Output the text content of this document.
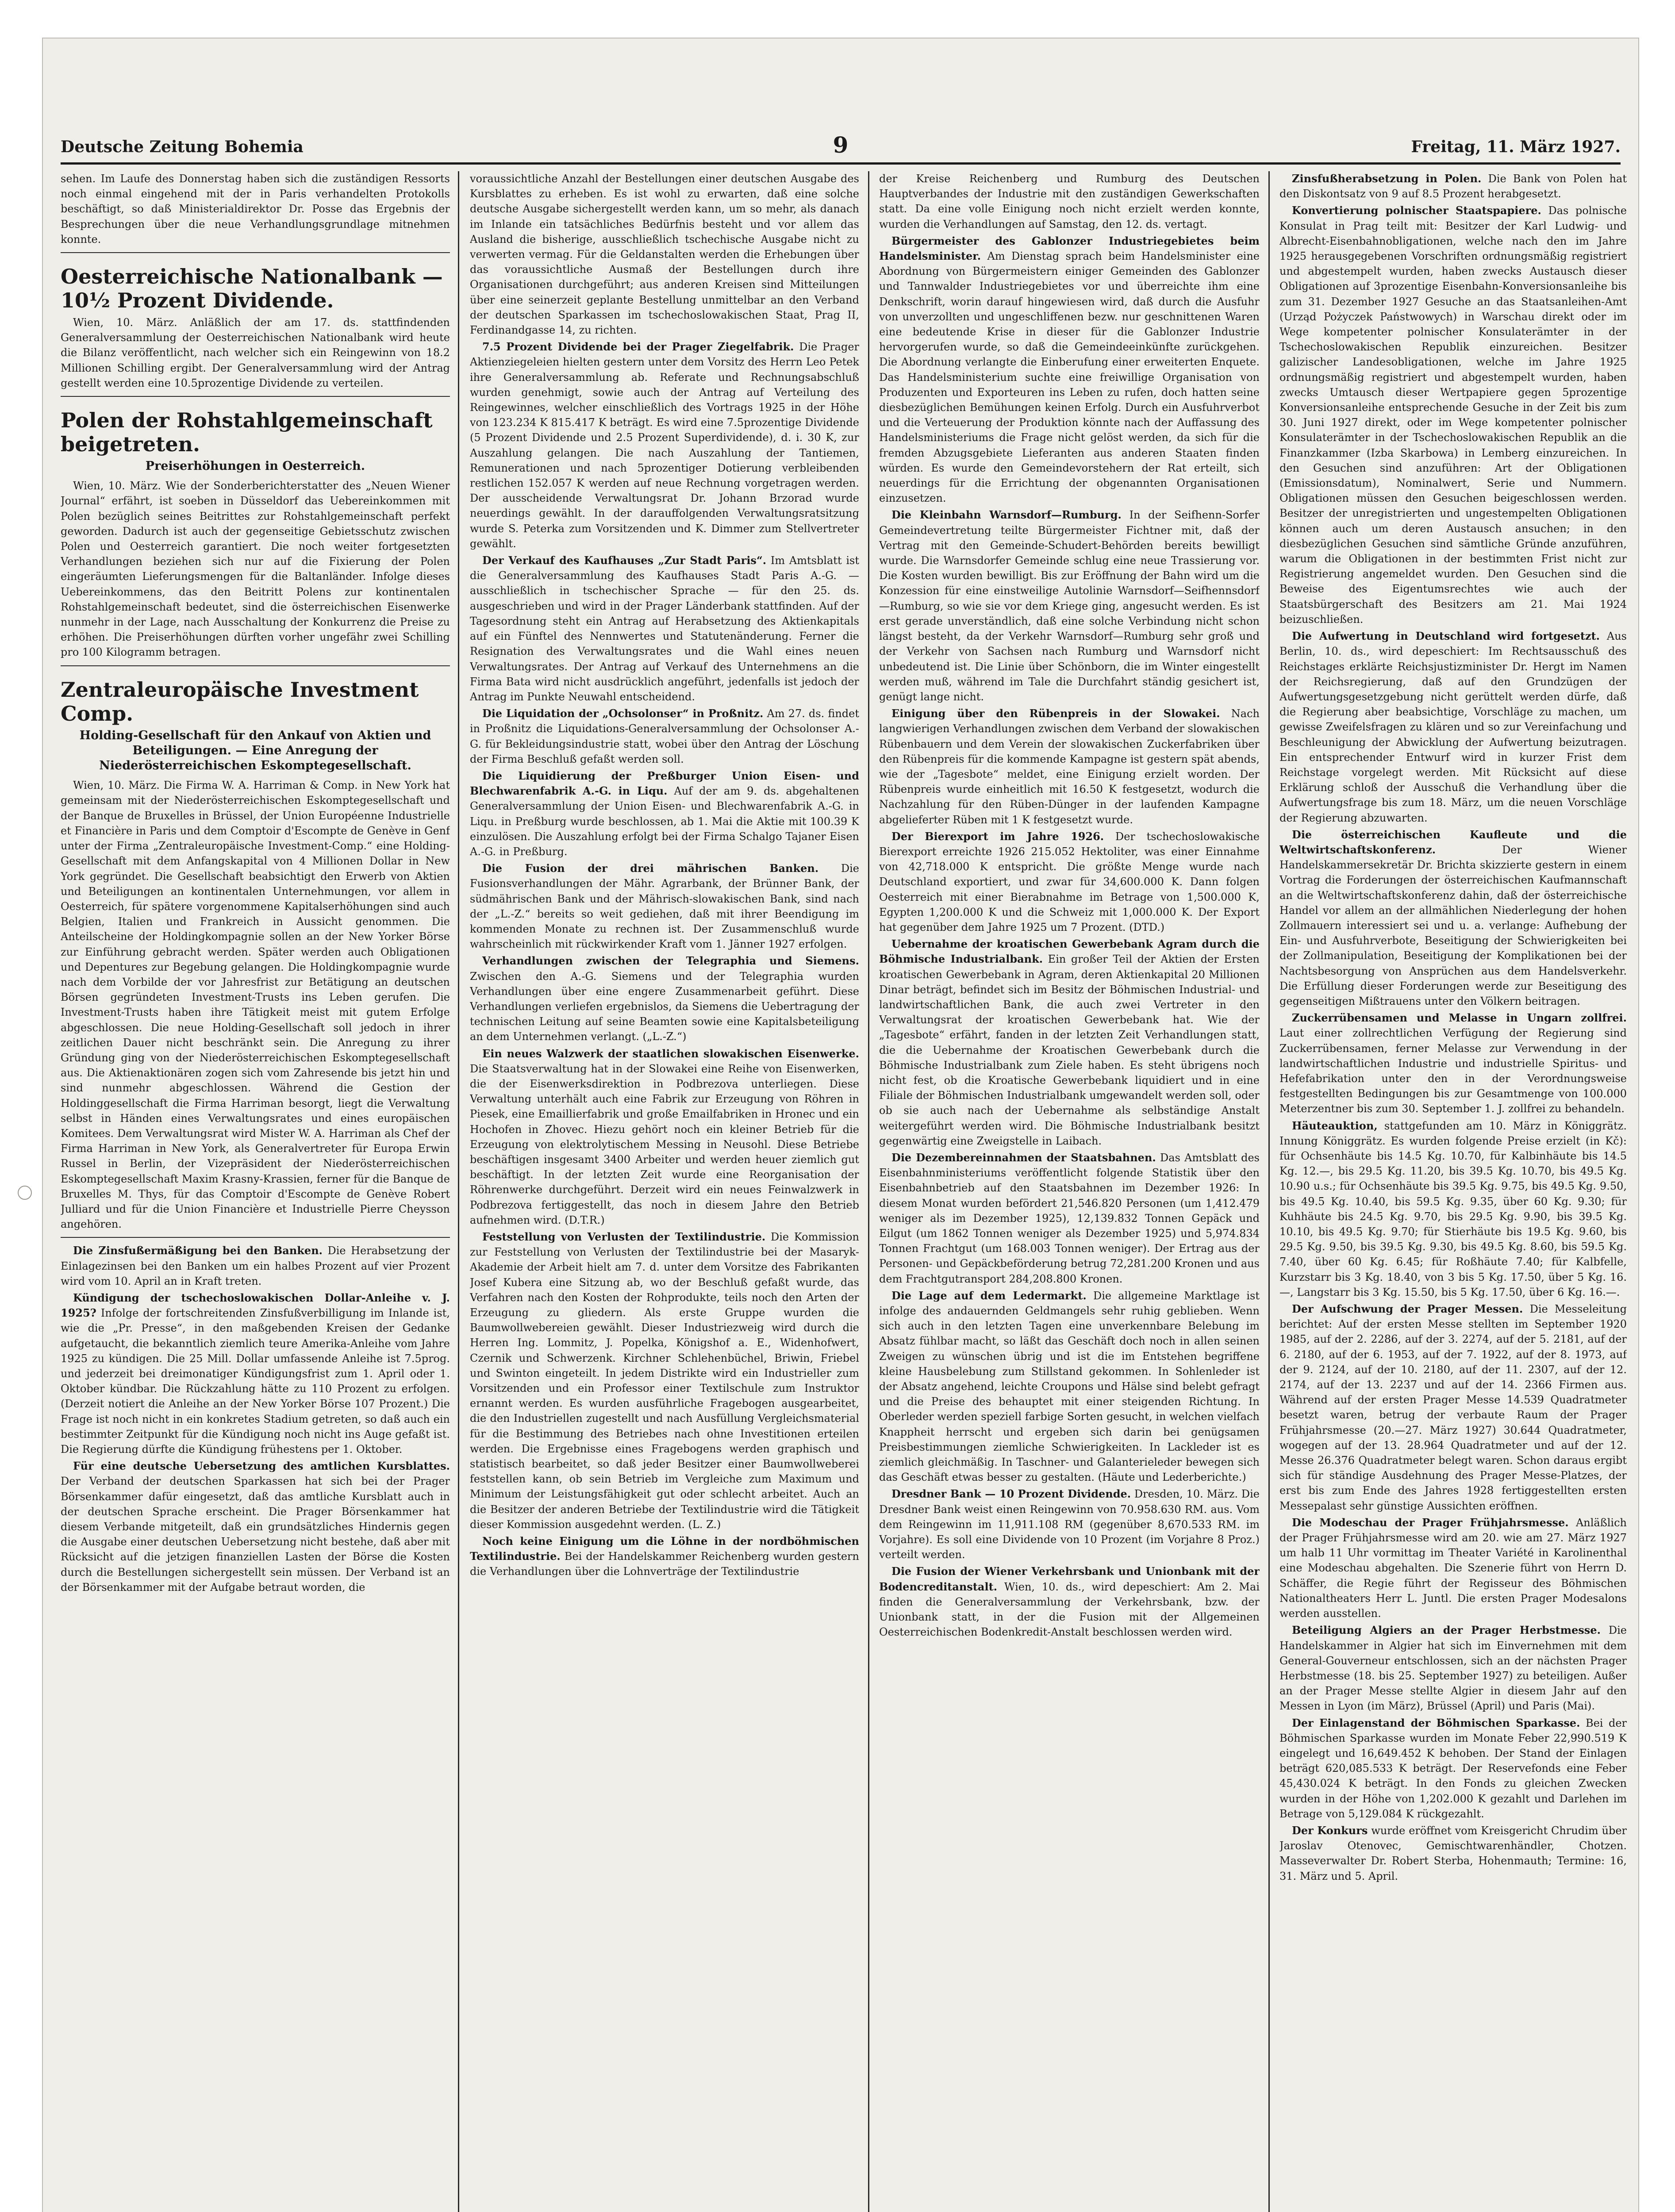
Deutsche Zeitung Bohemia	9	Freitag, 11. März 1927.

sehen. Im Laufe des Donnerstag haben sich die zuständigen Ressorts noch einmal eingehend mit der in Paris verhandelten Protokolls beschäftigt, so daß Ministerialdirektor Dr. Posse das Ergebnis der Besprechungen über die neue Verhandlungsgrundlage mitnehmen konnte.

Oesterreichische Nationalbank — 10½ Prozent Dividende.

Wien, 10. März. Anläßlich der am 17. ds. stattfindenden Generalversammlung der Oesterreichischen Nationalbank wird heute die Bilanz veröffentlicht, nach welcher sich ein Reingewinn von 18.2 Millionen Schilling ergibt. Der Generalversammlung wird der Antrag gestellt werden eine 10.5prozentige Dividende zu verteilen.

Polen der Rohstahlgemeinschaft beigetreten.
Preiserhöhungen in Oesterreich.

Wien, 10. März. Wie der Sonderberichterstatter des „Neuen Wiener Journal“ erfährt, ist soeben in Düsseldorf das Uebereinkommen mit Polen bezüglich seines Beitrittes zur Rohstahlgemeinschaft perfekt geworden. Dadurch ist auch der gegenseitige Gebietsschutz zwischen Polen und Oesterreich garantiert. Die noch weiter fortgesetzten Verhandlungen beziehen sich nur auf die Fixierung der Polen eingeräumten Lieferungsmengen für die Baltanländer. Infolge dieses Uebereinkommens, das den Beitritt Polens zur kontinentalen Rohstahlgemeinschaft bedeutet, sind die österreichischen Eisenwerke nunmehr in der Lage, nach Ausschaltung der Konkurrenz die Preise zu erhöhen. Die Preiserhöhungen dürften vorher ungefähr zwei Schilling pro 100 Kilogramm betragen.

Zentraleuropäische Investment Comp.
Holding-Gesellschaft für den Ankauf von Aktien und Beteiligungen. — Eine Anregung der Niederösterreichischen Eskomptegesellschaft.

Wien, 10. März. Die Firma W. A. Harriman & Comp. in New York hat gemeinsam mit der Niederösterreichischen Eskomptegesellschaft und der Banque de Bruxelles in Brüssel, der Union Européenne Industrielle et Financière in Paris und dem Comptoir d'Escompte de Genève in Genf unter der Firma „Zentraleuropäische Investment-Comp.“ eine Holding-Gesellschaft mit dem Anfangskapital von 4 Millionen Dollar in New York gegründet. Die Gesellschaft beabsichtigt den Erwerb von Aktien und Beteiligungen an kontinentalen Unternehmungen, vor allem in Oesterreich, für spätere vorgenommene Kapitalserhöhungen sind auch Belgien, Italien und Frankreich in Aussicht genommen. Die Anteilscheine der Holdingkompagnie sollen an der New Yorker Börse zur Einführung gebracht werden. Später werden auch Obligationen und Depentures zur Begebung gelangen. Die Holdingkompagnie wurde nach dem Vorbilde der vor Jahresfrist zur Betätigung an deutschen Börsen gegründeten Investment-Trusts ins Leben gerufen. Die Investment-Trusts haben ihre Tätigkeit meist mit gutem Erfolge abgeschlossen. Die neue Holding-Gesellschaft soll jedoch in ihrer zeitlichen Dauer nicht beschränkt sein. Die Anregung zu ihrer Gründung ging von der Niederösterreichischen Eskomptegesellschaft aus. Die Aktienaktionären zogen sich vom Zahresende bis jetzt hin und sind nunmehr abgeschlossen. Während die Gestion der Holdinggesellschaft die Firma Harriman besorgt, liegt die Verwaltung selbst in Händen eines Verwaltungsrates und eines europäischen Komitees. Dem Verwaltungsrat wird Mister W. A. Harriman als Chef der Firma Harriman in New York, als Generalvertreter für Europa Erwin Russel in Berlin, der Vizepräsident der Niederösterreichischen Eskomptegesellschaft Maxim Krasny-Krassien, ferner für die Banque de Bruxelles M. Thys, für das Comptoir d'Escompte de Genève Robert Julliard und für die Union Financière et Industrielle Pierre Cheysson angehören.

Die Zinsfußermäßigung bei den Banken. Die Herabsetzung der Einlagezinsen bei den Banken um ein halbes Prozent auf vier Prozent wird vom 10. April an in Kraft treten.

Kündigung der tschechoslowakischen Dollar-Anleihe v. J. 1925? Infolge der fortschreitenden Zinsfußverbilligung im Inlande ist, wie die „Pr. Presse“, in den maßgebenden Kreisen der Gedanke aufgetaucht, die bekanntlich ziemlich teure Amerika-Anleihe vom Jahre 1925 zu kündigen. Die 25 Mill. Dollar umfassende Anleihe ist 7.5prog. und jederzeit bei dreimonatiger Kündigungsfrist zum 1. April oder 1. Oktober kündbar. Die Rückzahlung hätte zu 110 Prozent zu erfolgen. (Derzeit notiert die Anleihe an der New Yorker Börse 107 Prozent.) Die Frage ist noch nicht in ein konkretes Stadium getreten, so daß auch ein bestimmter Zeitpunkt für die Kündigung noch nicht ins Auge gefaßt ist. Die Regierung dürfte die Kündigung frühestens per 1. Oktober.

Für eine deutsche Uebersetzung des amtlichen Kursblattes. Der Verband der deutschen Sparkassen hat sich bei der Prager Börsenkammer dafür eingesetzt, daß das amtliche Kursblatt auch in der deutschen Sprache erscheint. Die Prager Börsenkammer hat diesem Verbande mitgeteilt, daß ein grundsätzliches Hindernis gegen die Ausgabe einer deutschen Uebersetzung nicht bestehe, daß aber mit Rücksicht auf die jetzigen finanziellen Lasten der Börse die Kosten durch die Bestellungen sichergestellt sein müssen. Der Verband ist an der Börsenkammer mit der Aufgabe betraut worden, die

voraussichtliche Anzahl der Bestellungen einer deutschen Ausgabe des Kursblattes zu erheben. Es ist wohl zu erwarten, daß eine solche deutsche Ausgabe sichergestellt werden kann, um so mehr, als danach im Inlande ein tatsächliches Bedürfnis besteht und vor allem das Ausland die bisherige, ausschließlich tschechische Ausgabe nicht zu verwerten vermag. Für die Geldanstalten werden die Erhebungen über das voraussichtliche Ausmaß der Bestellungen durch ihre Organisationen durchgeführt; aus anderen Kreisen sind Mitteilungen über eine seinerzeit geplante Bestellung unmittelbar an den Verband der deutschen Sparkassen im tschechoslowakischen Staat, Prag II, Ferdinandgasse 14, zu richten.

7.5 Prozent Dividende bei der Prager Ziegelfabrik. Die Prager Aktienziegeleien hielten gestern unter dem Vorsitz des Herrn Leo Petek ihre Generalversammlung ab. Referate und Rechnungsabschluß wurden genehmigt, sowie auch der Antrag auf Verteilung des Reingewinnes, welcher einschließlich des Vortrags 1925 in der Höhe von 123.234 K 815.417 K beträgt. Es wird eine 7.5prozentige Dividende (5 Prozent Dividende und 2.5 Prozent Superdividende), d. i. 30 K, zur Auszahlung gelangen. Die nach Auszahlung der Tantiemen, Remunerationen und nach 5prozentiger Dotierung verbleibenden restlichen 152.057 K werden auf neue Rechnung vorgetragen werden. Der ausscheidende Verwaltungsrat Dr. Johann Brzorad wurde neuerdings gewählt. In der darauffolgenden Verwaltungsratsitzung wurde S. Peterka zum Vorsitzenden und K. Dimmer zum Stellvertreter gewählt.

Der Verkauf des Kaufhauses „Zur Stadt Paris“. Im Amtsblatt ist die Generalversammlung des Kaufhauses Stadt Paris A.-G. — ausschließlich in tschechischer Sprache — für den 25. ds. ausgeschrieben und wird in der Prager Länderbank stattfinden. Auf der Tagesordnung steht ein Antrag auf Herabsetzung des Aktienkapitals auf ein Fünftel des Nennwertes und Statutenänderung. Ferner die Resignation des Verwaltungsrates und die Wahl eines neuen Verwaltungsrates. Der Antrag auf Verkauf des Unternehmens an die Firma Bata wird nicht ausdrücklich angeführt, jedenfalls ist jedoch der Antrag im Punkte Neuwahl entscheidend.

Die Liquidation der „Ochsolonser“ in Proßnitz. Am 27. ds. findet in Proßnitz die Liquidations-Generalversammlung der Ochsolonser A.-G. für Bekleidungsindustrie statt, wobei über den Antrag der Löschung der Firma Beschluß gefaßt werden soll.

Die Liquidierung der Preßburger Union Eisen- und Blechwarenfabrik A.-G. in Liqu. Auf der am 9. ds. abgehaltenen Generalversammlung der Union Eisen- und Blechwarenfabrik A.-G. in Liqu. in Preßburg wurde beschlossen, ab 1. Mai die Aktie mit 100.39 K einzulösen. Die Auszahlung erfolgt bei der Firma Schalgo Tajaner Eisen A.-G. in Preßburg.

Die Fusion der drei mährischen Banken. Die Fusionsverhandlungen der Mähr. Agrarbank, der Brünner Bank, der südmährischen Bank und der Mährisch-slowakischen Bank, sind nach der „L.-Z.“ bereits so weit gediehen, daß mit ihrer Beendigung im kommenden Monate zu rechnen ist. Der Zusammenschluß wurde wahrscheinlich mit rückwirkender Kraft vom 1. Jänner 1927 erfolgen.

Verhandlungen zwischen der Telegraphia und Siemens. Zwischen den A.-G. Siemens und der Telegraphia wurden Verhandlungen über eine engere Zusammenarbeit geführt. Diese Verhandlungen verliefen ergebnislos, da Siemens die Uebertragung der technischen Leitung auf seine Beamten sowie eine Kapitalsbeteiligung an dem Unternehmen verlangt. („L.-Z.“)

Ein neues Walzwerk der staatlichen slowakischen Eisenwerke. Die Staatsverwaltung hat in der Slowakei eine Reihe von Eisenwerken, die der Eisenwerksdirektion in Podbrezova unterliegen. Diese Verwaltung unterhält auch eine Fabrik zur Erzeugung von Röhren in Piesek, eine Emaillierfabrik und große Emailfabriken in Hronec und ein Hochofen in Zhovec. Hiezu gehört noch ein kleiner Betrieb für die Erzeugung von elektrolytischem Messing in Neusohl. Diese Betriebe beschäftigen insgesamt 3400 Arbeiter und werden heuer ziemlich gut beschäftigt. In der letzten Zeit wurde eine Reorganisation der Röhrenwerke durchgeführt. Derzeit wird ein neues Feinwalzwerk in Podbrezova fertiggestellt, das noch in diesem Jahre den Betrieb aufnehmen wird. (D.T.R.)

Feststellung von Verlusten der Textilindustrie. Die Kommission zur Feststellung von Verlusten der Textilindustrie bei der Masaryk-Akademie der Arbeit hielt am 7. d. unter dem Vorsitze des Fabrikanten Josef Kubera eine Sitzung ab, wo der Beschluß gefaßt wurde, das Verfahren nach den Kosten der Rohprodukte, teils noch den Arten der Erzeugung zu gliedern. Als erste Gruppe wurden die Baumwollwebereien gewählt. Dieser Industriezweig wird durch die Herren Ing. Lommitz, J. Popelka, Königshof a. E., Widenhofwert, Czernik und Schwerzenk. Kirchner Schlehenbüchel, Briwin, Friebel und Swinton eingeteilt. In jedem Distrikte wird ein Industrieller zum Vorsitzenden und ein Professor einer Textilschule zum Instruktor ernannt werden. Es wurden ausführliche Fragebogen ausgearbeitet, die den Industriellen zugestellt und nach Ausfüllung Vergleichsmaterial für die Bestimmung des Betriebes nach ohne Investitionen erteilen werden. Die Ergebnisse eines Fragebogens werden graphisch und statistisch bearbeitet, so daß jeder Besitzer einer Baumwollweberei feststellen kann, ob sein Betrieb im Vergleiche zum Maximum und Minimum der Leistungsfähigkeit gut oder schlecht arbeitet. Auch an die Besitzer der anderen Betriebe der Textilindustrie wird die Tätigkeit dieser Kommission ausgedehnt werden. (L. Z.)

Noch keine Einigung um die Löhne in der nordböhmischen Textilindustrie. Bei der Handelskammer Reichenberg wurden gestern die Verhandlungen über die Lohnverträge der Textilindustrie

der Kreise Reichenberg und Rumburg des Deutschen Hauptverbandes der Industrie mit den zuständigen Gewerkschaften statt. Da eine volle Einigung noch nicht erzielt werden konnte, wurden die Verhandlungen auf Samstag, den 12. ds. vertagt.

Bürgermeister des Gablonzer Industriegebietes beim Handelsminister. Am Dienstag sprach beim Handelsminister eine Abordnung von Bürgermeistern einiger Gemeinden des Gablonzer und Tannwalder Industriegebietes vor und überreichte ihm eine Denkschrift, worin darauf hingewiesen wird, daß durch die Ausfuhr von unverzollten und ungeschliffenen bezw. nur geschnittenen Waren eine bedeutende Krise in dieser für die Gablonzer Industrie hervorgerufen wurde, so daß die Gemeindeeinkünfte zurückgehen. Die Abordnung verlangte die Einberufung einer erweiterten Enquete. Das Handelsministerium suchte eine freiwillige Organisation von Produzenten und Exporteuren ins Leben zu rufen, doch hatten seine diesbezüglichen Bemühungen keinen Erfolg. Durch ein Ausfuhrverbot und die Verteuerung der Produktion könnte nach der Auffassung des Handelsministeriums die Frage nicht gelöst werden, da sich für die fremden Abzugsgebiete Lieferanten aus anderen Staaten finden würden. Es wurde den Gemeindevorstehern der Rat erteilt, sich neuerdings für die Errichtung der obgenannten Organisationen einzusetzen.

Die Kleinbahn Warnsdorf—Rumburg. In der Seifhenn-Sorfer Gemeindevertretung teilte Bürgermeister Fichtner mit, daß der Vertrag mit den Gemeinde-Schudert-Behörden bereits bewilligt wurde. Die Warnsdorfer Gemeinde schlug eine neue Trassierung vor. Die Kosten wurden bewilligt. Bis zur Eröffnung der Bahn wird um die Konzession für eine einstweilige Autolinie Warnsdorf—Seifhennsdorf—Rumburg, so wie sie vor dem Kriege ging, angesucht werden. Es ist erst gerade unverständlich, daß eine solche Verbindung nicht schon längst besteht, da der Verkehr Warnsdorf—Rumburg sehr groß und der Verkehr von Sachsen nach Rumburg und Warnsdorf nicht unbedeutend ist. Die Linie über Schönborn, die im Winter eingestellt werden muß, während im Tale die Durchfahrt ständig gesichert ist, genügt lange nicht.

Einigung über den Rübenpreis in der Slowakei. Nach langwierigen Verhandlungen zwischen dem Verband der slowakischen Rübenbauern und dem Verein der slowakischen Zuckerfabriken über den Rübenpreis für die kommende Kampagne ist gestern spät abends, wie der „Tagesbote“ meldet, eine Einigung erzielt worden. Der Rübenpreis wurde einheitlich mit 16.50 K festgesetzt, wodurch die Nachzahlung für den Rüben-Dünger in der laufenden Kampagne abgelieferter Rüben mit 1 K festgesetzt wurde.

Der Bierexport im Jahre 1926. Der tschechoslowakische Bierexport erreichte 1926 215.052 Hektoliter, was einer Einnahme von 42,718.000 K entspricht. Die größte Menge wurde nach Deutschland exportiert, und zwar für 34,600.000 K. Dann folgen Oesterreich mit einer Bierabnahme im Betrage von 1,500.000 K, Egypten 1,200.000 K und die Schweiz mit 1,000.000 K. Der Export hat gegenüber dem Jahre 1925 um 7 Prozent. (DTD.)

Uebernahme der kroatischen Gewerbebank Agram durch die Böhmische Industrialbank. Ein großer Teil der Aktien der Ersten kroatischen Gewerbebank in Agram, deren Aktienkapital 20 Millionen Dinar beträgt, befindet sich im Besitz der Böhmischen Industrial- und landwirtschaftlichen Bank, die auch zwei Vertreter in den Verwaltungsrat der kroatischen Gewerbebank hat. Wie der „Tagesbote“ erfährt, fanden in der letzten Zeit Verhandlungen statt, die die Uebernahme der Kroatischen Gewerbebank durch die Böhmische Industrialbank zum Ziele haben. Es steht übrigens noch nicht fest, ob die Kroatische Gewerbebank liquidiert und in eine Filiale der Böhmischen Industrialbank umgewandelt werden soll, oder ob sie auch nach der Uebernahme als selbständige Anstalt weitergeführt werden wird. Die Böhmische Industrialbank besitzt gegenwärtig eine Zweigstelle in Laibach.

Die Dezembereinnahmen der Staatsbahnen. Das Amtsblatt des Eisenbahnministeriums veröffentlicht folgende Statistik über den Eisenbahnbetrieb auf den Staatsbahnen im Dezember 1926: In diesem Monat wurden befördert 21,546.820 Personen (um 1,412.479 weniger als im Dezember 1925), 12,139.832 Tonnen Gepäck und Eilgut (um 1862 Tonnen weniger als Dezember 1925) und 5,974.834 Tonnen Frachtgut (um 168.003 Tonnen weniger). Der Ertrag aus der Personen- und Gepäckbeförderung betrug 72,281.200 Kronen und aus dem Frachtgutransport 284,208.800 Kronen.

Die Lage auf dem Ledermarkt. Die allgemeine Marktlage ist infolge des andauernden Geldmangels sehr ruhig geblieben. Wenn sich auch in den letzten Tagen eine unverkennbare Belebung im Absatz fühlbar macht, so läßt das Geschäft doch noch in allen seinen Zweigen zu wünschen übrig und ist die im Entstehen begriffene kleine Hausbelebung zum Stillstand gekommen. In Sohlenleder ist der Absatz angehend, leichte Croupons und Hälse sind belebt gefragt und die Preise des behauptet mit einer steigenden Richtung. In Oberleder werden speziell farbige Sorten gesucht, in welchen vielfach Knappheit herrscht und ergeben sich darin bei genügsamen Preisbestimmungen ziemliche Schwierigkeiten. In Lackleder ist es ziemlich gleichmäßig. In Taschner- und Galanterieleder bewegen sich das Geschäft etwas besser zu gestalten. (Häute und Lederberichte.)

Dresdner Bank — 10 Prozent Dividende. Dresden, 10. März. Die Dresdner Bank weist einen Reingewinn von 70.958.630 RM. aus. Vom dem Reingewinn im 11,911.108 RM (gegenüber 8,670.533 RM. im Vorjahre). Es soll eine Dividende von 10 Prozent (im Vorjahre 8 Proz.) verteilt werden.

Die Fusion der Wiener Verkehrsbank und Unionbank mit der Bodencreditanstalt. Wien, 10. ds., wird depeschiert: Am 2. Mai finden die Generalversammlung der Verkehrsbank, bzw. der Unionbank statt, in der die Fusion mit der Allgemeinen Oesterreichischen Bodenkredit-Anstalt beschlossen werden wird.

Zinsfußherabsetzung in Polen. Die Bank von Polen hat den Diskontsatz von 9 auf 8.5 Prozent herabgesetzt.

Konvertierung polnischer Staatspapiere. Das polnische Konsulat in Prag teilt mit: Besitzer der Karl Ludwig- und Albrecht-Eisenbahnobligationen, welche nach den im Jahre 1925 herausgegebenen Vorschriften ordnungsmäßig registriert und abgestempelt wurden, haben zwecks Austausch dieser Obligationen auf 3prozentige Eisenbahn-Konversionsanleihe bis zum 31. Dezember 1927 Gesuche an das Staatsanleihen-Amt (Urząd Pożyczek Państwowych) in Warschau direkt oder im Wege kompetenter polnischer Konsulaterämter in der Tschechoslowakischen Republik einzureichen. Besitzer galizischer Landesobligationen, welche im Jahre 1925 ordnungsmäßig registriert und abgestempelt wurden, haben zwecks Umtausch dieser Wertpapiere gegen 5prozentige Konversionsanleihe entsprechende Gesuche in der Zeit bis zum 30. Juni 1927 direkt, oder im Wege kompetenter polnischer Konsulaterämter in der Tschechoslowakischen Republik an die Finanzkammer (Izba Skarbowa) in Lemberg einzureichen. In den Gesuchen sind anzuführen: Art der Obligationen (Emissionsdatum), Nominalwert, Serie und Nummern. Obligationen müssen den Gesuchen beigeschlossen werden. Besitzer der unregistrierten und ungestempelten Obligationen können auch um deren Austausch ansuchen; in den diesbezüglichen Gesuchen sind sämtliche Gründe anzuführen, warum die Obligationen in der bestimmten Frist nicht zur Registrierung angemeldet wurden. Den Gesuchen sind die Beweise des Eigentumsrechtes wie auch der Staatsbürgerschaft des Besitzers am 21. Mai 1924 beizuschließen.

Die Aufwertung in Deutschland wird fortgesetzt. Aus Berlin, 10. ds., wird depeschiert: Im Rechtsausschuß des Reichstages erklärte Reichsjustizminister Dr. Hergt im Namen der Reichsregierung, daß auf den Grundzügen der Aufwertungsgesetzgebung nicht gerüttelt werden dürfe, daß die Regierung aber beabsichtige, Vorschläge zu machen, um gewisse Zweifelsfragen zu klären und so zur Vereinfachung und Beschleunigung der Abwicklung der Aufwertung beizutragen. Ein entsprechender Entwurf wird in kurzer Frist dem Reichstage vorgelegt werden. Mit Rücksicht auf diese Erklärung schloß der Ausschuß die Verhandlung über die Aufwertungsfrage bis zum 18. März, um die neuen Vorschläge der Regierung abzuwarten.

Die österreichischen Kaufleute und die Weltwirtschaftskonferenz.	Der Wiener Handelskammersekretär Dr. Brichta skizzierte gestern in einem Vortrag die Forderungen der österreichischen Kaufmannschaft an die Weltwirtschaftskonferenz dahin, daß der österreichische Handel vor allem an der allmählichen Niederlegung der hohen Zollmauern interessiert sei und u. a. verlange: Aufhebung der Ein- und Ausfuhrverbote, Beseitigung der Schwierigkeiten bei der Zollmanipulation, Beseitigung der Komplikationen bei der Nachtsbesorgung von Ansprüchen aus dem Handelsverkehr. Die Erfüllung dieser Forderungen werde zur Beseitigung des gegenseitigen Mißtrauens unter den Völkern beitragen.

Zuckerrübensamen und Melasse in Ungarn zollfrei. Laut einer zollrechtlichen Verfügung der Regierung sind Zuckerrübensamen, ferner Melasse zur Verwendung in der landwirtschaftlichen Industrie und industrielle Spiritus- und Hefefabrikation unter den in der Verordnungsweise festgestellten Bedingungen bis zur Gesamtmenge von 100.000 Meterzentner bis zum 30. September 1. J. zollfrei zu behandeln.

Häuteauktion, stattgefunden am 10. März in Königgrätz. Innung Königgrätz. Es wurden folgende Preise erzielt (in Kč): für Ochsenhäute bis 14.5 Kg. 10.70, für Kalbinhäute bis 14.5 Kg. 12.—, bis 29.5 Kg. 11.20, bis 39.5 Kg. 10.70, bis 49.5 Kg. 10.90 u.s.; für Ochsenhäute bis 39.5 Kg. 9.75, bis 49.5 Kg. 9.50, bis 49.5 Kg. 10.40, bis 59.5 Kg. 9.35, über 60 Kg. 9.30; für Kuhhäute bis 24.5 Kg. 9.70, bis 29.5 Kg. 9.90, bis 39.5 Kg. 10.10, bis 49.5 Kg. 9.70; für Stierhäute bis 19.5 Kg. 9.60, bis 29.5 Kg. 9.50, bis 39.5 Kg. 9.30, bis 49.5 Kg. 8.60, bis 59.5 Kg. 7.40, über 60 Kg. 6.45; für Roßhäute 7.40; für Kalbfelle, Kurzstarr bis 3 Kg. 18.40, von 3 bis 5 Kg. 17.50, über 5 Kg. 16.—, Langstarr bis 3 Kg. 15.50, bis 5 Kg. 17.50, über 6 Kg. 16.—.

Der Aufschwung der Prager Messen. Die Messeleitung berichtet: Auf der ersten Messe stellten im September 1920 1985, auf der 2. 2286, auf der 3. 2274, auf der 5. 2181, auf der 6. 2180, auf der 6. 1953, auf der 7. 1922, auf der 8. 1973, auf der 9. 2124, auf der 10. 2180, auf der 11. 2307, auf der 12. 2174, auf der 13. 2237 und auf der 14. 2366 Firmen aus. Während auf der ersten Prager Messe 14.539 Quadratmeter besetzt waren, betrug der verbaute Raum der Prager Frühjahrsmesse (20.—27. März 1927) 30.644 Quadratmeter, wogegen auf der 13. 28.964 Quadratmeter und auf der 12. Messe 26.376 Quadratmeter belegt waren. Schon daraus ergibt sich für ständige Ausdehnung des Prager Messe-Platzes, der erst bis zum Ende des Jahres 1928 fertiggestellten ersten Messepalast sehr günstige Aussichten eröffnen.

Die Modeschau der Prager Frühjahrsmesse. Anläßlich der Prager Frühjahrsmesse wird am 20. wie am 27. März 1927 um halb 11 Uhr vormittag im Theater Variété in Karolinenthal eine Modeschau abgehalten. Die Szenerie führt von Herrn D. Schäffer, die Regie führt der Regisseur des Böhmischen Nationaltheaters Herr L. Juntl. Die ersten Prager Modesalons werden ausstellen.

Beteiligung Algiers an der Prager Herbstmesse. Die Handelskammer in Algier hat sich im Einvernehmen mit dem General-Gouverneur entschlossen, sich an der nächsten Prager Herbstmesse (18. bis 25. September 1927) zu beteiligen. Außer an der Prager Messe stellte Algier in diesem Jahr auf den Messen in Lyon (im März), Brüssel (April) und Paris (Mai).

Der Einlagenstand der Böhmischen Sparkasse. Bei der Böhmischen Sparkasse wurden im Monate Feber 22,990.519 K eingelegt und 16,649.452 K behoben. Der Stand der Einlagen beträgt 620,085.533 K beträgt. Der Reservefonds eine Feber 45,430.024 K beträgt. In den Fonds zu gleichen Zwecken wurden in der Höhe von 1,202.000 K gezahlt und Darlehen im Betrage von 5,129.084 K rückgezahlt.

Der Konkurs wurde eröffnet vom Kreisgericht Chrudim über Jaroslav Otenovec, Gemischtwarenhändler, Chotzen. Masseverwalter Dr. Robert Sterba, Hohenmauth; Termine: 16, 31. März und 5. April.
